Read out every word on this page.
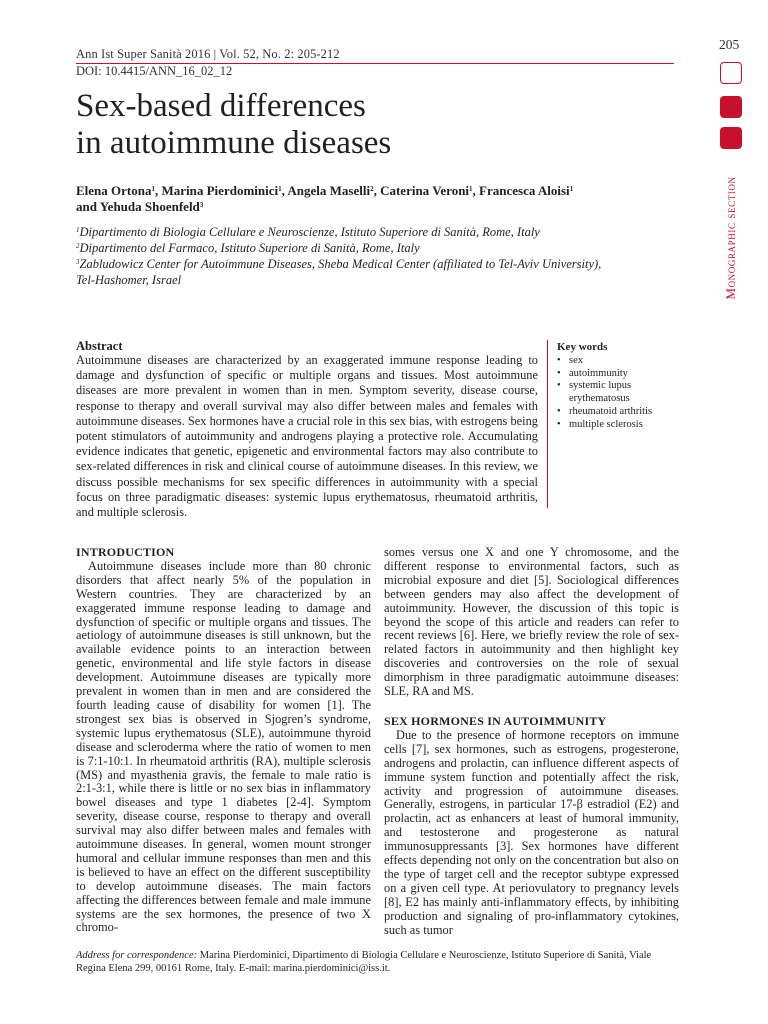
Ann Ist Super Sanità 2016 | Vol. 52, No. 2: 205-212
DOI: 10.4415/ANN_16_02_12
205
Monographic section
Sex-based differences
in autoimmune diseases
Elena Ortona$^1$, Marina Pierdominici$^1$, Angela Maselli$^2$, Caterina Veroni$^1$, Francesca Aloisi$^1$
and Yehuda Shoenfeld$^3$
$^1$Dipartimento di Biologia Cellulare e Neuroscienze, Istituto Superiore di Sanità, Rome, Italy
$^2$Dipartimento del Farmaco, Istituto Superiore di Sanità, Rome, Italy
$^3$Zabludowicz Center for Autoimmune Diseases, Sheba Medical Center (affiliated to Tel-Aviv University),
Tel-Hashomer, Israel
Abstract
Autoimmune diseases are characterized by an exaggerated immune response leading to damage and dysfunction of specific or multiple organs and tissues. Most autoimmune diseases are more prevalent in women than in men. Symptom severity, disease course, response to therapy and overall survival may also differ between males and females with autoimmune diseases. Sex hormones have a crucial role in this sex bias, with estrogens being potent stimulators of autoimmunity and androgens playing a protective role. Accumulating evidence indicates that genetic, epigenetic and environmental factors may also contribute to sex-related differences in risk and clinical course of autoimmune diseases. In this review, we discuss possible mechanisms for sex specific differences in autoimmunity with a special focus on three paradigmatic diseases: systemic lupus erythematosus, rheumatoid arthritis, and multiple sclerosis.
Key words
• sex
• autoimmunity
• systemic lupus erythematosus
• rheumatoid arthritis
• multiple sclerosis
INTRODUCTION
Autoimmune diseases include more than 80 chronic disorders that affect nearly 5% of the population in Western countries. They are characterized by an exaggerated immune response leading to damage and dysfunction of specific or multiple organs and tissues. The aetiology of autoimmune diseases is still unknown, but the available evidence points to an interaction between genetic, environmental and life style factors in disease development. Autoimmune diseases are typically more prevalent in women than in men and are considered the fourth leading cause of disability for women [1]. The strongest sex bias is observed in Sjogren’s syndrome, systemic lupus erythematosus (SLE), autoimmune thyroid disease and scleroderma where the ratio of women to men is 7:1-10:1. In rheumatoid arthritis (RA), multiple sclerosis (MS) and myasthenia gravis, the female to male ratio is 2:1-3:1, while there is little or no sex bias in inflammatory bowel diseases and type 1 diabetes [2-4]. Symptom severity, disease course, response to therapy and overall survival may also differ between males and females with autoimmune diseases. In general, women mount stronger humoral and cellular immune responses than men and this is believed to have an effect on the different susceptibility to develop autoimmune diseases. The main factors affecting the differences between female and male immune systems are the sex hormones, the presence of two X chromo-
somes versus one X and one Y chromosome, and the different response to environmental factors, such as microbial exposure and diet [5]. Sociological differences between genders may also affect the development of autoimmunity. However, the discussion of this topic is beyond the scope of this article and readers can refer to recent reviews [6]. Here, we briefly review the role of sex-related factors in autoimmunity and then highlight key discoveries and controversies on the role of sexual dimorphism in three paradigmatic autoimmune diseases: SLE, RA and MS.
SEX HORMONES IN AUTOIMMUNITY
Due to the presence of hormone receptors on immune cells [7], sex hormones, such as estrogens, progesterone, androgens and prolactin, can influence different aspects of immune system function and potentially affect the risk, activity and progression of autoimmune diseases. Generally, estrogens, in particular 17-β estradiol (E2) and prolactin, act as enhancers at least of humoral immunity, and testosterone and progesterone as natural immunosuppressants [3]. Sex hormones have different effects depending not only on the concentration but also on the type of target cell and the receptor subtype expressed on a given cell type. At periovulatory to pregnancy levels [8], E2 has mainly anti-inflammatory effects, by inhibiting production and signaling of pro-inflammatory cytokines, such as tumor
Address for correspondence: Marina Pierdominici, Dipartimento di Biologia Cellulare e Neuroscienze, Istituto Superiore di Sanità, Viale Regina Elena 299, 00161 Rome, Italy. E-mail: marina.pierdominici@iss.it.
